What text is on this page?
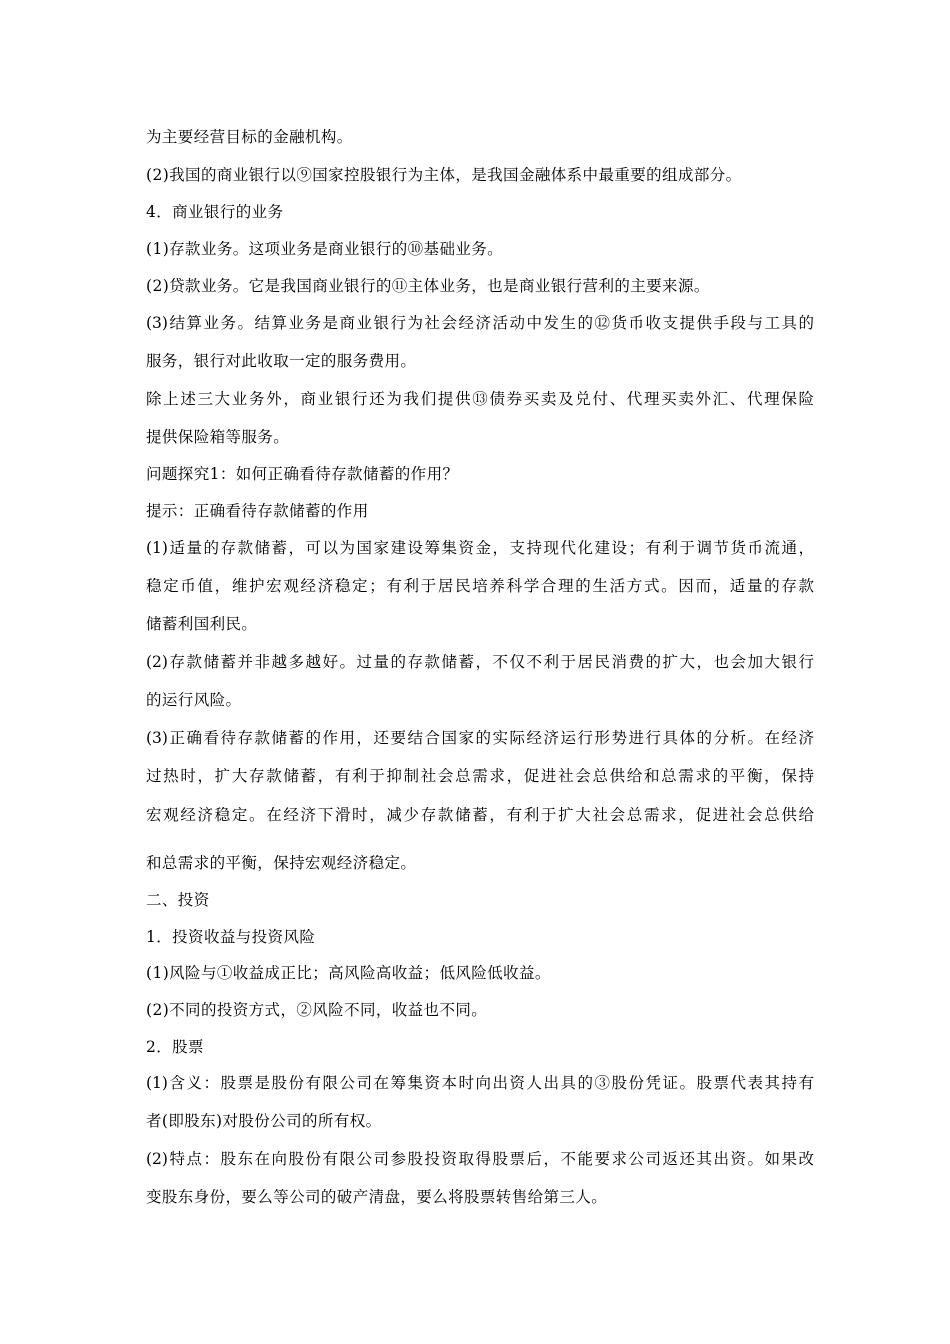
为主要经营目标的金融机构。
(2)我国的商业银行以⑨国家控股银行为主体，是我国金融体系中最重要的组成部分。
4．商业银行的业务
(1)存款业务。这项业务是商业银行的⑩基础业务。
(2)贷款业务。它是我国商业银行的⑪主体业务，也是商业银行营利的主要来源。
(3)结算业务。结算业务是商业银行为社会经济活动中发生的⑫货币收支提供手段与工具的
服务，银行对此收取一定的服务费用。
除上述三大业务外，商业银行还为我们提供⑬债券买卖及兑付、代理买卖外汇、代理保险
提供保险箱等服务。
问题探究1：如何正确看待存款储蓄的作用？
提示：正确看待存款储蓄的作用
(1)适量的存款储蓄，可以为国家建设筹集资金，支持现代化建设；有利于调节货币流通，
稳定币值，维护宏观经济稳定；有利于居民培养科学合理的生活方式。因而，适量的存款
储蓄利国利民。
(2)存款储蓄并非越多越好。过量的存款储蓄，不仅不利于居民消费的扩大，也会加大银行
的运行风险。
(3)正确看待存款储蓄的作用，还要结合国家的实际经济运行形势进行具体的分析。在经济
过热时，扩大存款储蓄，有利于抑制社会总需求，促进社会总供给和总需求的平衡，保持
宏观经济稳定。在经济下滑时，减少存款储蓄，有利于扩大社会总需求，促进社会总供给
和总需求的平衡，保持宏观经济稳定。
二、投资
1．投资收益与投资风险
(1)风险与①收益成正比；高风险高收益；低风险低收益。
(2)不同的投资方式，②风险不同，收益也不同。
2．股票
(1)含义：股票是股份有限公司在筹集资本时向出资人出具的③股份凭证。股票代表其持有
者(即股东)对股份公司的所有权。
(2)特点：股东在向股份有限公司参股投资取得股票后，不能要求公司返还其出资。如果改
变股东身份，要么等公司的破产清盘，要么将股票转售给第三人。
